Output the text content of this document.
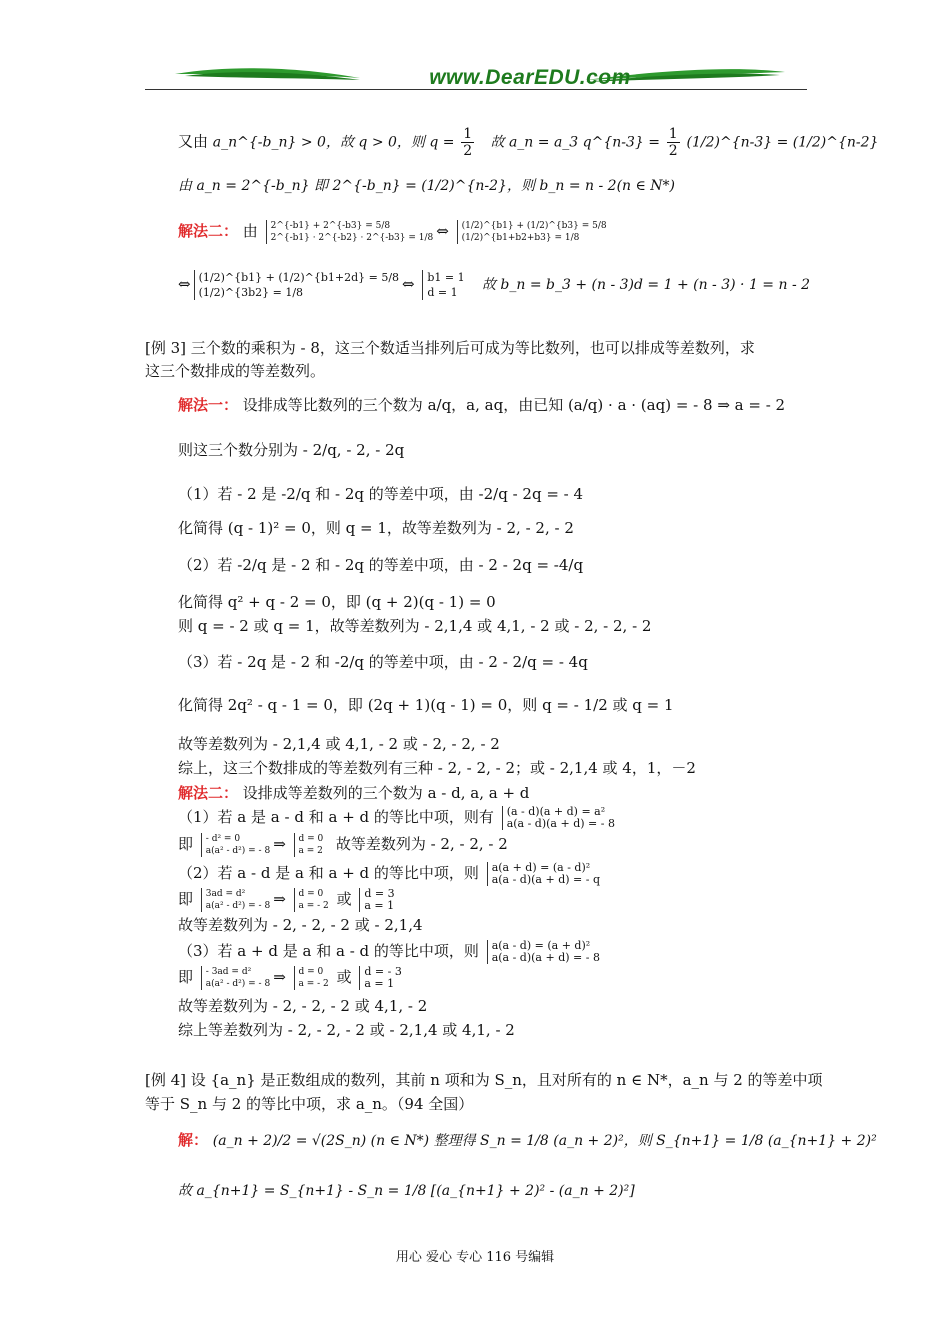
www.DearEDU.com
又由 a_n^{-b_n} > 0，故 q > 0，则 $q = \frac{1}{2}$ 故 a_n = a_3 q^{n-3} = $\frac{1}{2}$ (1/2)^{n-3} = (1/2)^{n-2}
由 a_n = 2^{-b_n} 即 2^{-b_n} = (1/2)^{n-2}，则 b_n = n - 2(n ∈ N*)
解法二： 由 2^{-b1} + 2^{-b3} = 5/8
2^{-b1} · 2^{-b2} · 2^{-b3} = 1/8 ⇔ (1/2)^{b1} + (1/2)^{b3} = 5/8
(1/2)^{b1+b2+b3} = 1/8
⇔ (1/2)^{b1} + (1/2)^{b1+2d} = 5/8
(1/2)^{3b2} = 1/8	⇔ b1 = 1
d = 1 故 b_n = b_3 + (n - 3)d = 1 + (n - 3) · 1 = n - 2
[例 3] 三个数的乘积为 - 8，这三个数适当排列后可成为等比数列，也可以排成等差数列，求
这三个数排成的等差数列。
解法一： 设排成等比数列的三个数为 a/q，a, aq，由已知 (a/q) · a · (aq) = - 8 ⇒ a = - 2
则这三个数分别为 - 2/q, - 2, - 2q
（1）若 - 2 是 -2/q 和 - 2q 的等差中项，由 -2/q - 2q = - 4
化简得 (q - 1)² = 0，则 q = 1，故等差数列为 - 2, - 2, - 2
（2）若 -2/q 是 - 2 和 - 2q 的等差中项，由 - 2 - 2q = -4/q
化简得 q² + q - 2 = 0，即 (q + 2)(q - 1) = 0
则 q = - 2 或 q = 1，故等差数列为 - 2,1,4 或 4,1, - 2 或 - 2, - 2, - 2
（3）若 - 2q 是 - 2 和 -2/q 的等差中项，由 - 2 - 2/q = - 4q
化简得 2q² - q - 1 = 0，即 (2q + 1)(q - 1) = 0，则 q = - 1/2 或 q = 1
故等差数列为 - 2,1,4 或 4,1, - 2 或 - 2, - 2, - 2
综上，这三个数排成的等差数列有三种 - 2, - 2, - 2；或 - 2,1,4 或 4，1，－2
解法二： 设排成等差数列的三个数为 a - d, a, a + d
（1）若 a 是 a - d 和 a + d 的等比中项，则有 (a - d)(a + d) = a²
a(a - d)(a + d) = - 8
即 - d² = 0
a(a² - d²) = - 8 ⇒ d = 0
a = 2 故等差数列为 - 2, - 2, - 2
（2）若 a - d 是 a 和 a + d 的等比中项，则 a(a + d) = (a - d)²
a(a - d)(a + d) = - q
即 3ad = d²
a(a² - d²) = - 8 ⇒ d = 0
a = - 2 或 d = 3
a = 1
故等差数列为 - 2, - 2, - 2 或 - 2,1,4
（3）若 a + d 是 a 和 a - d 的等比中项，则 a(a - d) = (a + d)²
a(a - d)(a + d) = - 8
即 - 3ad = d²
a(a² - d²) = - 8 ⇒ d = 0
a = - 2 或 d = - 3
a = 1
故等差数列为 - 2, - 2, - 2 或 4,1, - 2
综上等差数列为 - 2, - 2, - 2 或 - 2,1,4 或 4,1, - 2
[例 4] 设 {a_n} 是正数组成的数列，其前 n 项和为 S_n，且对所有的 n ∈ N*，a_n 与 2 的等差中项
等于 S_n 与 2 的等比中项，求 a_n。（94 全国）
解： (a_n + 2)/2 = √(2S_n) (n ∈ N*) 整理得 S_n = 1/8 (a_n + 2)²，则 S_{n+1} = 1/8 (a_{n+1} + 2)²
故 a_{n+1} = S_{n+1} - S_n = 1/8 [(a_{n+1} + 2)² - (a_n + 2)²]
用心 爱心 专心 116 号编辑
